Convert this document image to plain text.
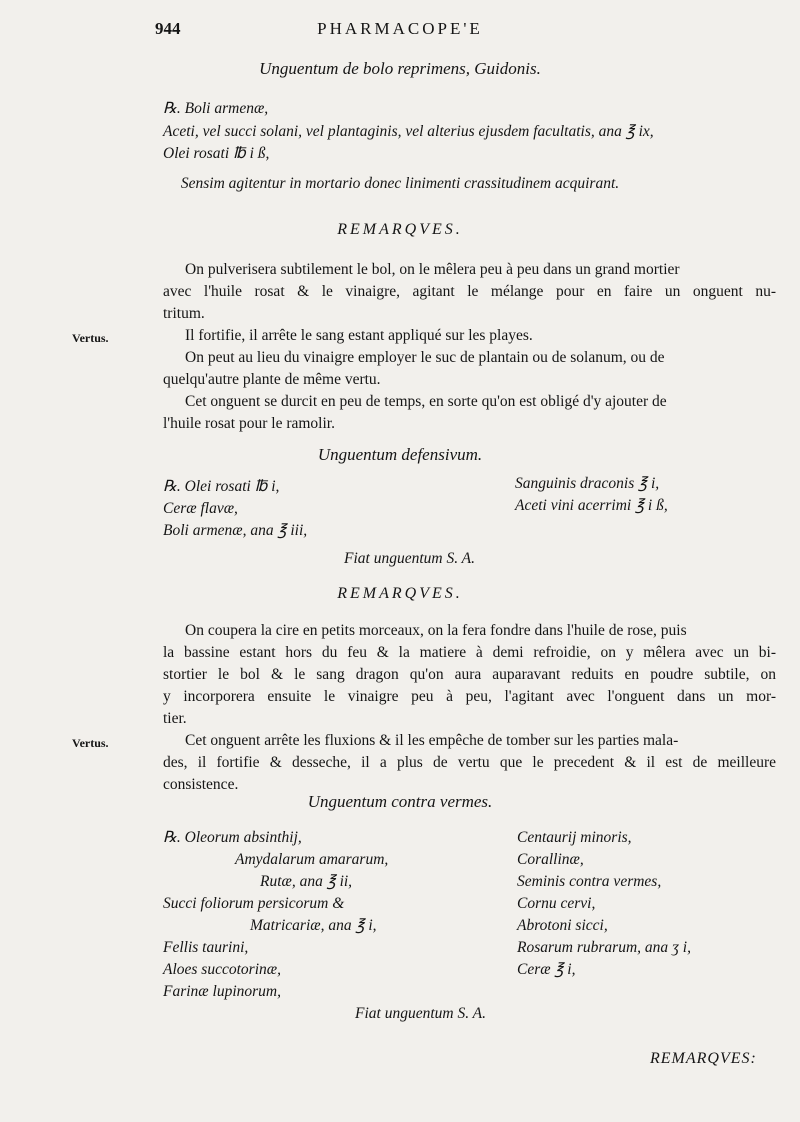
944	PHARMACOPE'E
Unguentum de bolo reprimens, Guidonis.
℞. Boli armenæ,
Aceti, vel succi solani, vel plantaginis, vel alterius ejusdem facultatis, ana ℥ ix,
Olei rosati ℔ i ß,
Sensim agitentur in mortario donec linimenti crassitudinem acquirant.
REMARQVES.
On pulverisera subtilement le bol, on le mêlera peu à peu dans un grand mortier
avec l'huile rosat & le vinaigre, agitant le mélange pour en faire un onguent nu-
tritum.
Vertus.	Il fortifie, il arrête le sang estant appliqué sur les playes.
On peut au lieu du vinaigre employer le suc de plantain ou de solanum, ou de
quelqu'autre plante de même vertu.
Cet onguent se durcit en peu de temps, en sorte qu'on est obligé d'y ajouter de
l'huile rosat pour le ramolir.
Unguentum defensivum.
℞. Olei rosati ℔ i,
Ceræ flavæ,
Boli armenæ, ana ℥ iii,
Sanguinis draconis ℥ i,
Aceti vini acerrimi ℥ i ß,
Fiat unguentum S. A.
REMARQVES.
On coupera la cire en petits morceaux, on la fera fondre dans l'huile de rose, puis
la bassine estant hors du feu & la matiere à demi refroidie, on y mêlera avec un bi-
stortier le bol & le sang dragon qu'on aura auparavant reduits en poudre subtile, on
y incorporera ensuite le vinaigre peu à peu, l'agitant avec l'onguent dans un mor-
tier.
Vertus.	Cet onguent arrête les fluxions & il les empêche de tomber sur les parties mala-
des, il fortifie & desseche, il a plus de vertu que le precedent & il est de meilleure
consistence.
Unguentum contra vermes.
℞. Oleorum absinthij,
Amydalarum amararum,
Rutæ, ana ℥ ii,
Succi foliorum persicorum &
Matricariæ, ana ℥ i,
Fellis taurini,
Aloes succotorinæ,
Farinæ lupinorum,
Centaurij minoris,
Corallinæ,
Seminis contra vermes,
Cornu cervi,
Abrotoni sicci,
Rosarum rubrarum, ana ʒ i,
Ceræ ℥ i,
Fiat unguentum S. A.
REMARQVES:
